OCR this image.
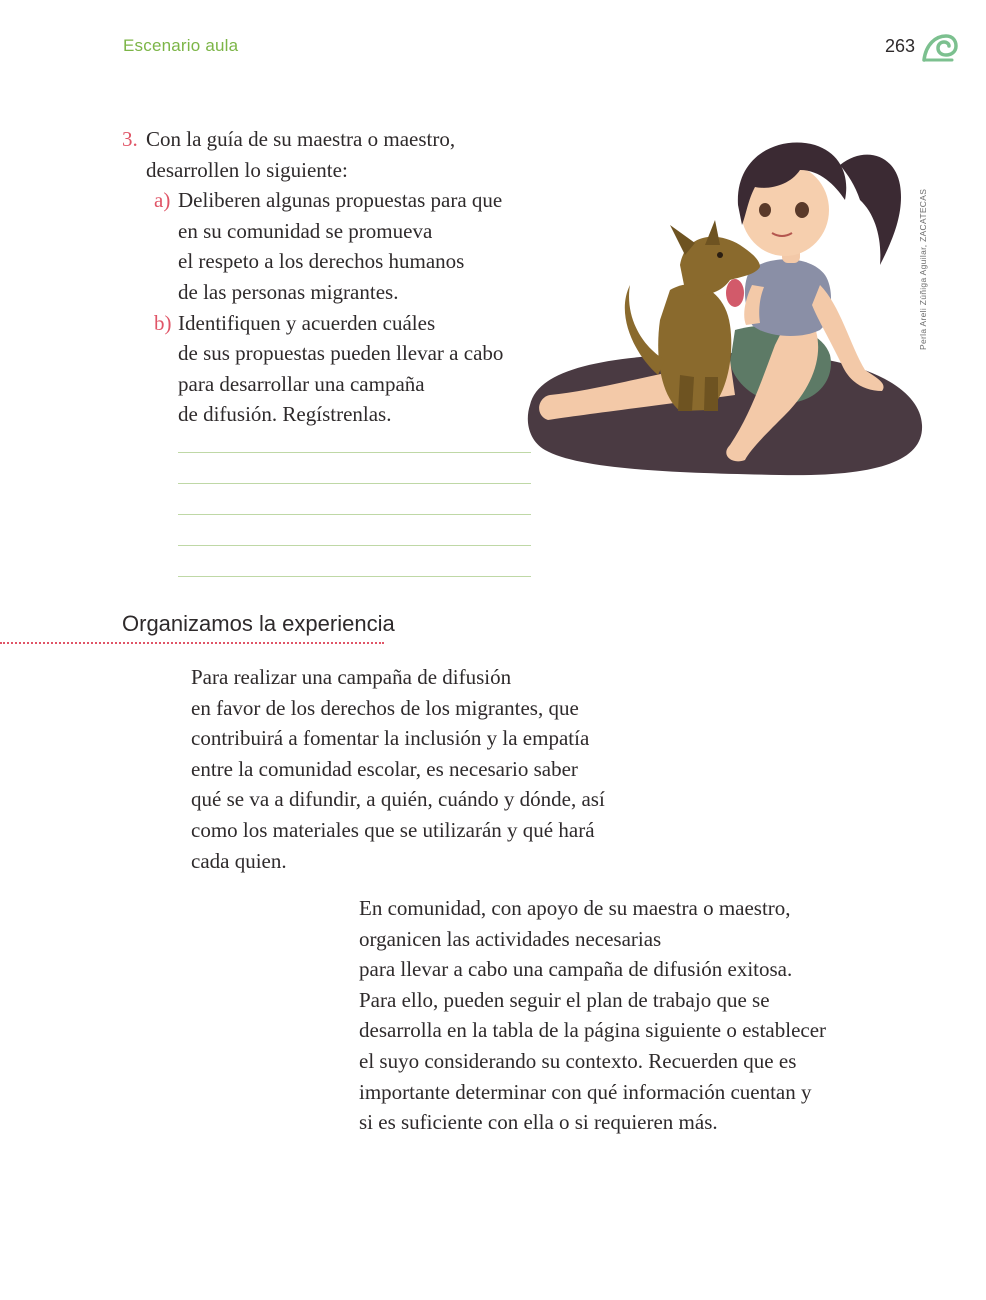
Escenario aula	263
3. Con la guía de su maestra o maestro,
desarrollen lo siguiente:
a) Deliberen algunas propuestas para que
en su comunidad se promueva
el respeto a los derechos humanos
de las personas migrantes.
b) Identifiquen y acuerden cuáles
de sus propuestas pueden llevar a cabo
para desarrollar una campaña
de difusión. Regístrenlas.
Perla Areli Zúñiga Aguilar, ZACATECAS
Organizamos la experiencia
Para realizar una campaña de difusión
en favor de los derechos de los migrantes, que
contribuirá a fomentar la inclusión y la empatía
entre la comunidad escolar, es necesario saber
qué se va a difundir, a quién, cuándo y dónde, así
como los materiales que se utilizarán y qué hará
cada quien.
En comunidad, con apoyo de su maestra o maestro,
organicen las actividades necesarias
para llevar a cabo una campaña de difusión exitosa.
Para ello, pueden seguir el plan de trabajo que se
desarrolla en la tabla de la página siguiente o establecer
el suyo considerando su contexto. Recuerden que es
importante determinar con qué información cuentan y
si es suficiente con ella o si requieren más.
